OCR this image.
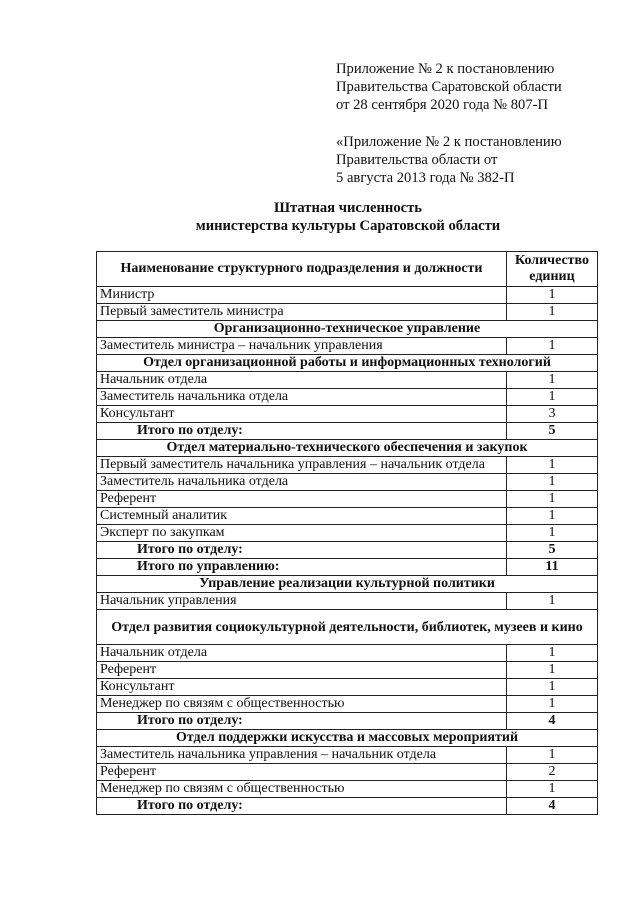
Приложение № 2 к постановлению
Правительства Саратовской области
от 28 сентября 2020 года № 807-П
«Приложение № 2 к постановлению
Правительства области от
5 августа 2013 года № 382-П
Штатная численность
министерства культуры Саратовской области
Наименование структурного подразделения и должности	Количество единиц
Министр	1
Первый заместитель министра	1
Организационно-техническое управление	
Заместитель министра – начальник управления	1
Отдел организационной работы и информационных технологий	
Начальник отдела	1
Заместитель начальника отдела	1
Консультант	3
Итого по отделу:	5
Отдел материально-технического обеспечения и закупок	
Первый заместитель начальника управления – начальник отдела	1
Заместитель начальника отдела	1
Референт	1
Системный аналитик	1
Эксперт по закупкам	1
Итого по отделу:	5
Итого по управлению:	11
Управление реализации культурной политики	
Начальник управления	1
Отдел развития социокультурной деятельности, библиотек, музеев и кино	
Начальник отдела	1
Референт	1
Консультант	1
Менеджер по связям с общественностью	1
Итого по отделу:	4
Отдел поддержки искусства и массовых мероприятий	
Заместитель начальника управления – начальник отдела	1
Референт	2
Менеджер по связям с общественностью	1
Итого по отделу:	4
